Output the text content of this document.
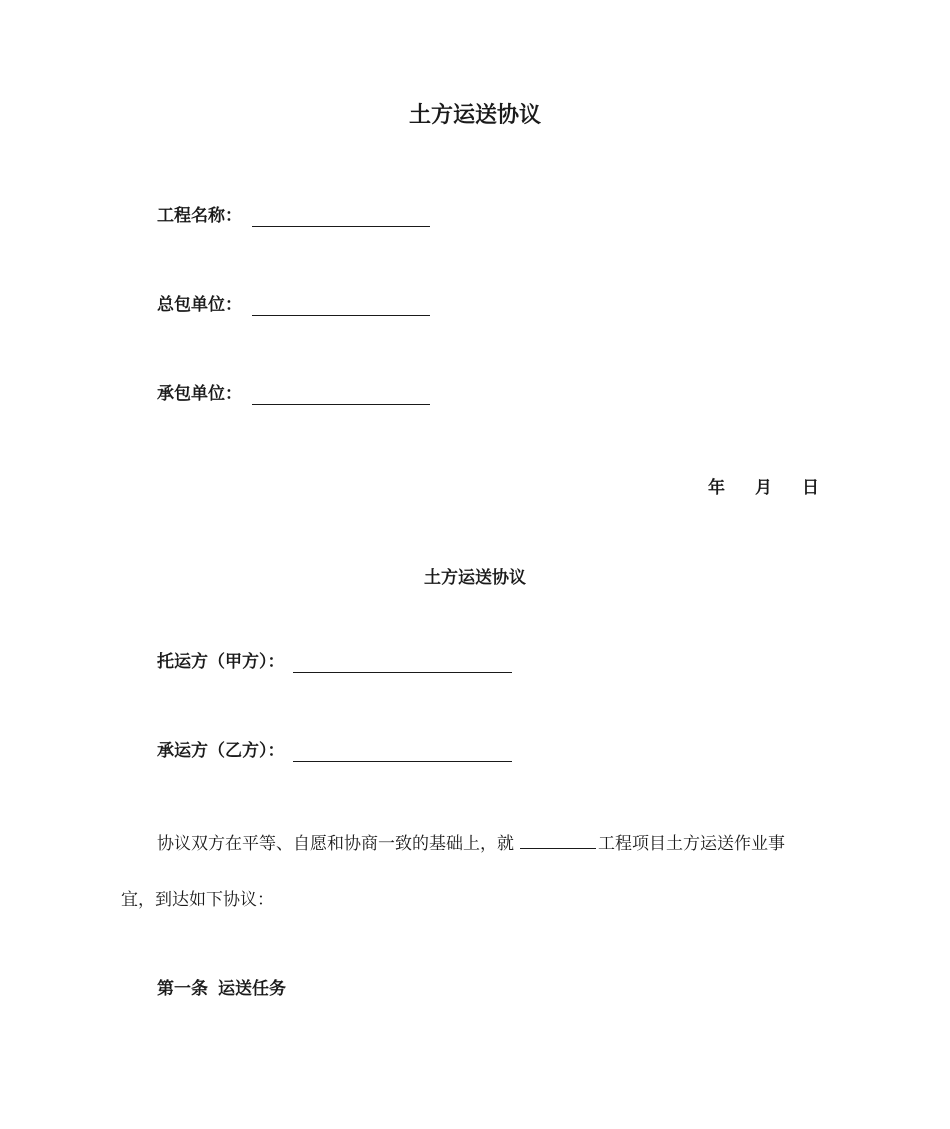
土方运送协议
工程名称：
总包单位：
承包单位：
年 月 日
土方运送协议
托运方（甲方）：
承运方（乙方）：
协议双方在平等、自愿和协商一致的基础上，就	工程项目土方运送作业事
宜，到达如下协议：
第一条 运送任务
